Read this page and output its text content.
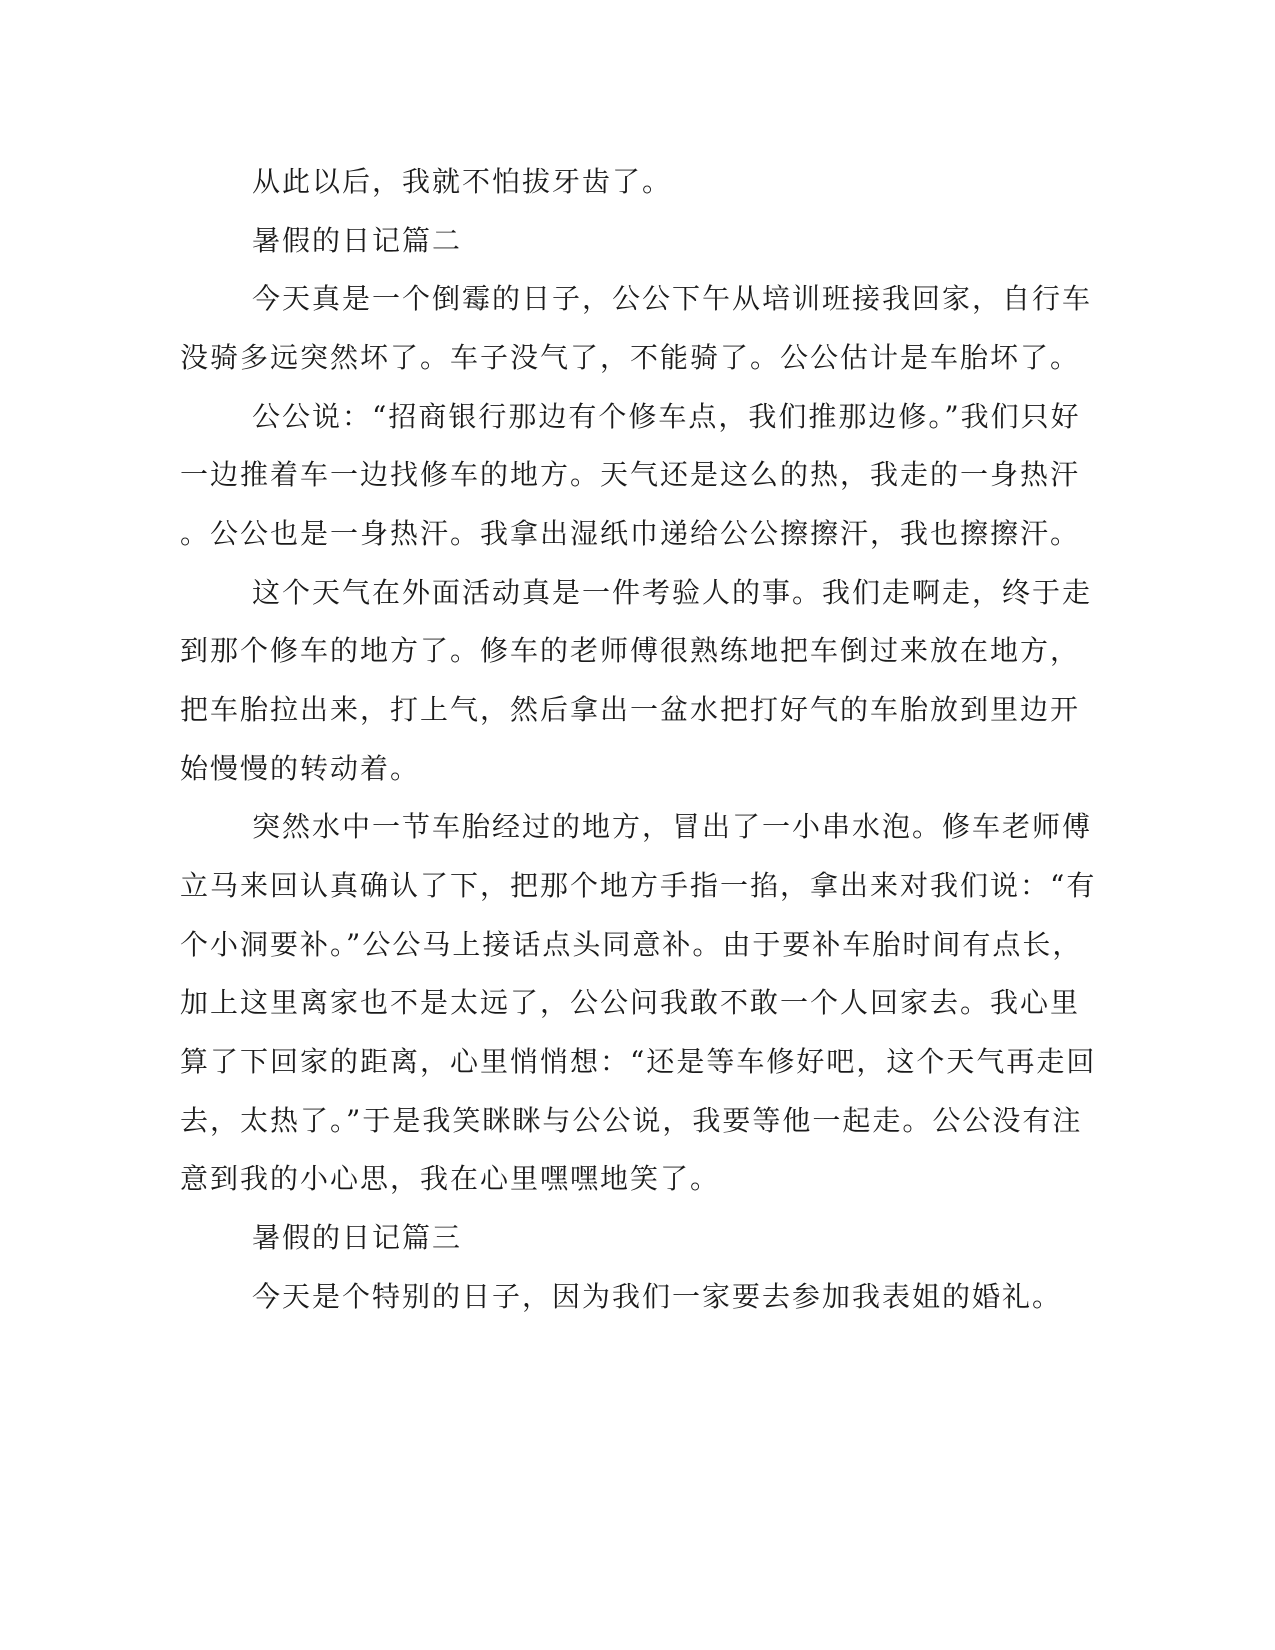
从此以后，我就不怕拔牙齿了。
暑假的日记篇二
今天真是一个倒霉的日子，公公下午从培训班接我回家，自行车
没骑多远突然坏了。车子没气了，不能骑了。公公估计是车胎坏了。
公公说：“招商银行那边有个修车点，我们推那边修。”我们只好
一边推着车一边找修车的地方。天气还是这么的热，我走的一身热汗
。公公也是一身热汗。我拿出湿纸巾递给公公擦擦汗，我也擦擦汗。
这个天气在外面活动真是一件考验人的事。我们走啊走，终于走
到那个修车的地方了。修车的老师傅很熟练地把车倒过来放在地方，
把车胎拉出来，打上气，然后拿出一盆水把打好气的车胎放到里边开
始慢慢的转动着。
突然水中一节车胎经过的地方，冒出了一小串水泡。修车老师傅
立马来回认真确认了下，把那个地方手指一掐，拿出来对我们说：“有
个小洞要补。”公公马上接话点头同意补。由于要补车胎时间有点长，
加上这里离家也不是太远了，公公问我敢不敢一个人回家去。我心里
算了下回家的距离，心里悄悄想：“还是等车修好吧，这个天气再走回
去，太热了。”于是我笑眯眯与公公说，我要等他一起走。公公没有注
意到我的小心思，我在心里嘿嘿地笑了。
暑假的日记篇三
今天是个特别的日子，因为我们一家要去参加我表姐的婚礼。
